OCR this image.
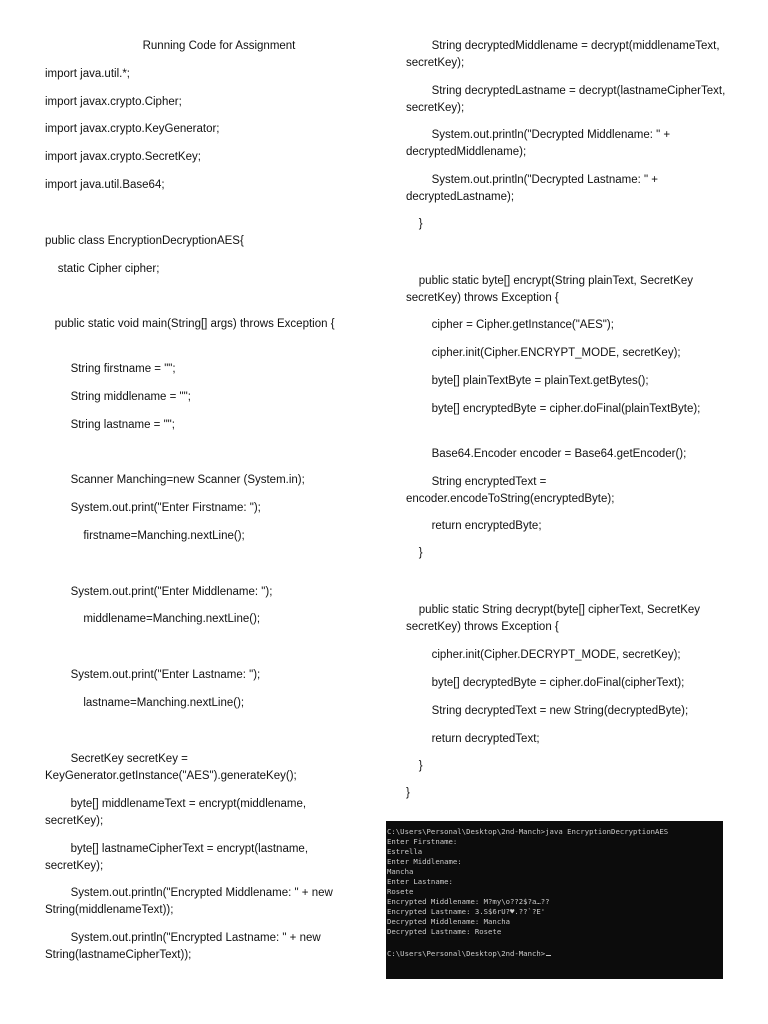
Running Code for Assignment
import java.util.*;
import javax.crypto.Cipher;
import javax.crypto.KeyGenerator;
import javax.crypto.SecretKey;
import java.util.Base64;
public class EncryptionDecryptionAES{
static Cipher cipher;
public static void main(String[] args) throws Exception {
String firstname = "";
String middlename = "";
String lastname = "";
Scanner Manching=new Scanner (System.in);
System.out.print("Enter Firstname: ");
firstname=Manching.nextLine();
System.out.print("Enter Middlename: ");
middlename=Manching.nextLine();
System.out.print("Enter Lastname: ");
lastname=Manching.nextLine();
SecretKey secretKey = KeyGenerator.getInstance("AES").generateKey();
byte[] middlenameText = encrypt(middlename, secretKey);
byte[] lastnameCipherText = encrypt(lastname, secretKey);
System.out.println("Encrypted Middlename: " + new String(middlenameText));
System.out.println("Encrypted Lastname: " + new String(lastnameCipherText));
String decryptedMiddlename = decrypt(middlenameText, secretKey);
String decryptedLastname = decrypt(lastnameCipherText, secretKey);
System.out.println("Decrypted Middlename: " + decryptedMiddlename);
System.out.println("Decrypted Lastname: " + decryptedLastname);
}
public static byte[] encrypt(String plainText, SecretKey secretKey) throws Exception {
cipher = Cipher.getInstance("AES");
cipher.init(Cipher.ENCRYPT_MODE, secretKey);
byte[] plainTextByte = plainText.getBytes();
byte[] encryptedByte = cipher.doFinal(plainTextByte);
Base64.Encoder encoder = Base64.getEncoder();
String encryptedText = encoder.encodeToString(encryptedByte);
return encryptedByte;
}
public static String decrypt(byte[] cipherText, SecretKey secretKey) throws Exception {
cipher.init(Cipher.DECRYPT_MODE, secretKey);
byte[] decryptedByte = cipher.doFinal(cipherText);
String decryptedText = new String(decryptedByte);
return decryptedText;
}
}
C:\Users\Personal\Desktop\2nd-Manch>java EncryptionDecryptionAES
Enter Firstname:
Estrella
Enter Middlename:
Mancha
Enter Lastname:
Rosete
Encrypted Middlename: M?my\o??2$?a…??
Encrypted Lastname: 3.S$6rU?♥.??`?E'
Decrypted Middlename: Mancha
Decrypted Lastname: Rosete
C:\Users\Personal\Desktop\2nd-Manch>
